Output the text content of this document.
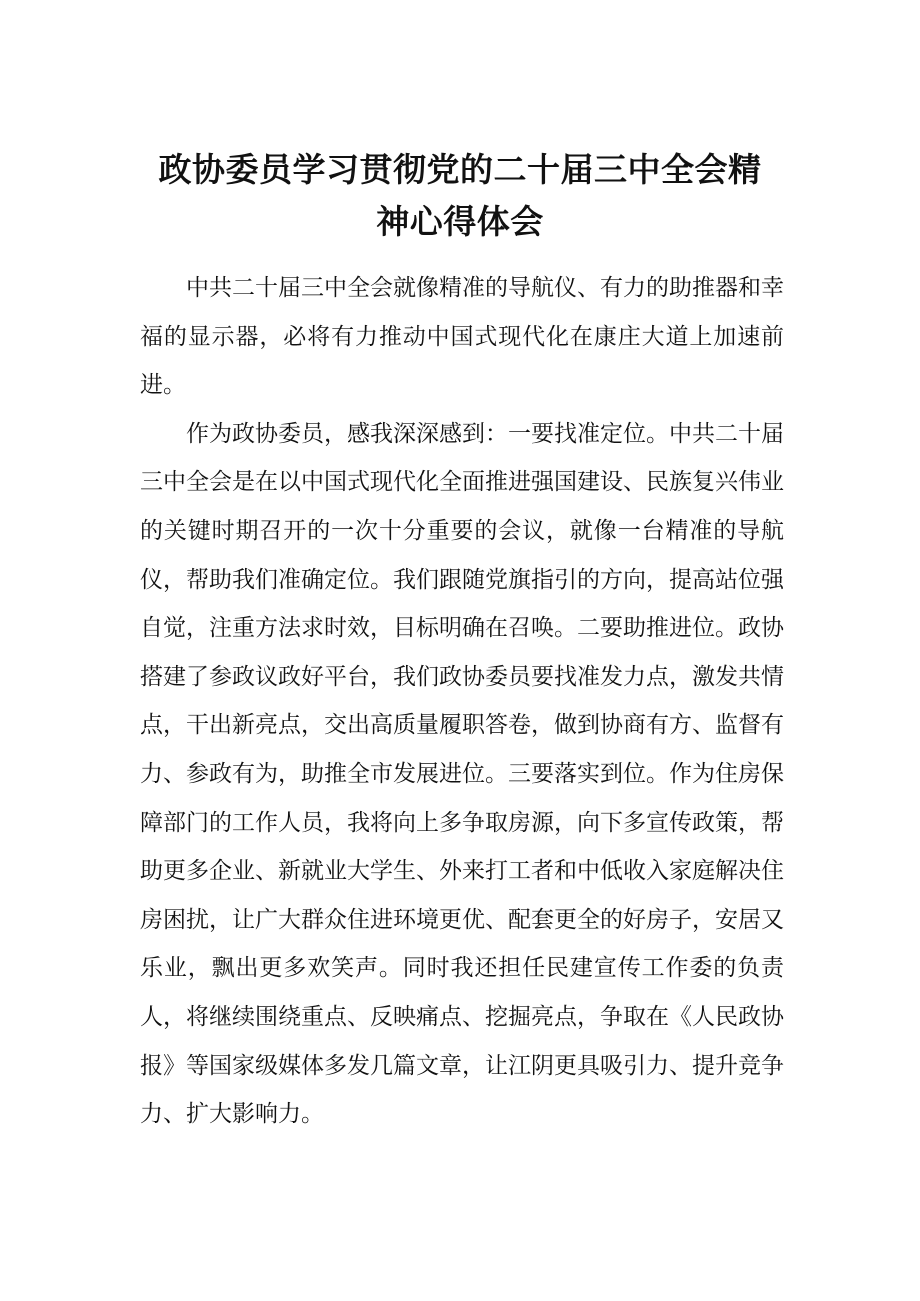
政协委员学习贯彻党的二十届三中全会精
神心得体会

中共二十届三中全会就像精准的导航仪、有力的助推器和幸福的显示器，必将有力推动中国式现代化在康庄大道上加速前进。

作为政协委员，感我深深感到：一要找准定位。中共二十届三中全会是在以中国式现代化全面推进强国建设、民族复兴伟业的关键时期召开的一次十分重要的会议，就像一台精准的导航仪，帮助我们准确定位。我们跟随党旗指引的方向，提高站位强自觉，注重方法求时效，目标明确在召唤。二要助推进位。政协搭建了参政议政好平台，我们政协委员要找准发力点，激发共情点，干出新亮点，交出高质量履职答卷，做到协商有方、监督有力、参政有为，助推全市发展进位。三要落实到位。作为住房保障部门的工作人员，我将向上多争取房源，向下多宣传政策，帮助更多企业、新就业大学生、外来打工者和中低收入家庭解决住房困扰，让广大群众住进环境更优、配套更全的好房子，安居又乐业，飘出更多欢笑声。同时我还担任民建宣传工作委的负责人，将继续围绕重点、反映痛点、挖掘亮点，争取在《人民政协报》等国家级媒体多发几篇文章，让江阴更具吸引力、提升竞争力、扩大影响力。
